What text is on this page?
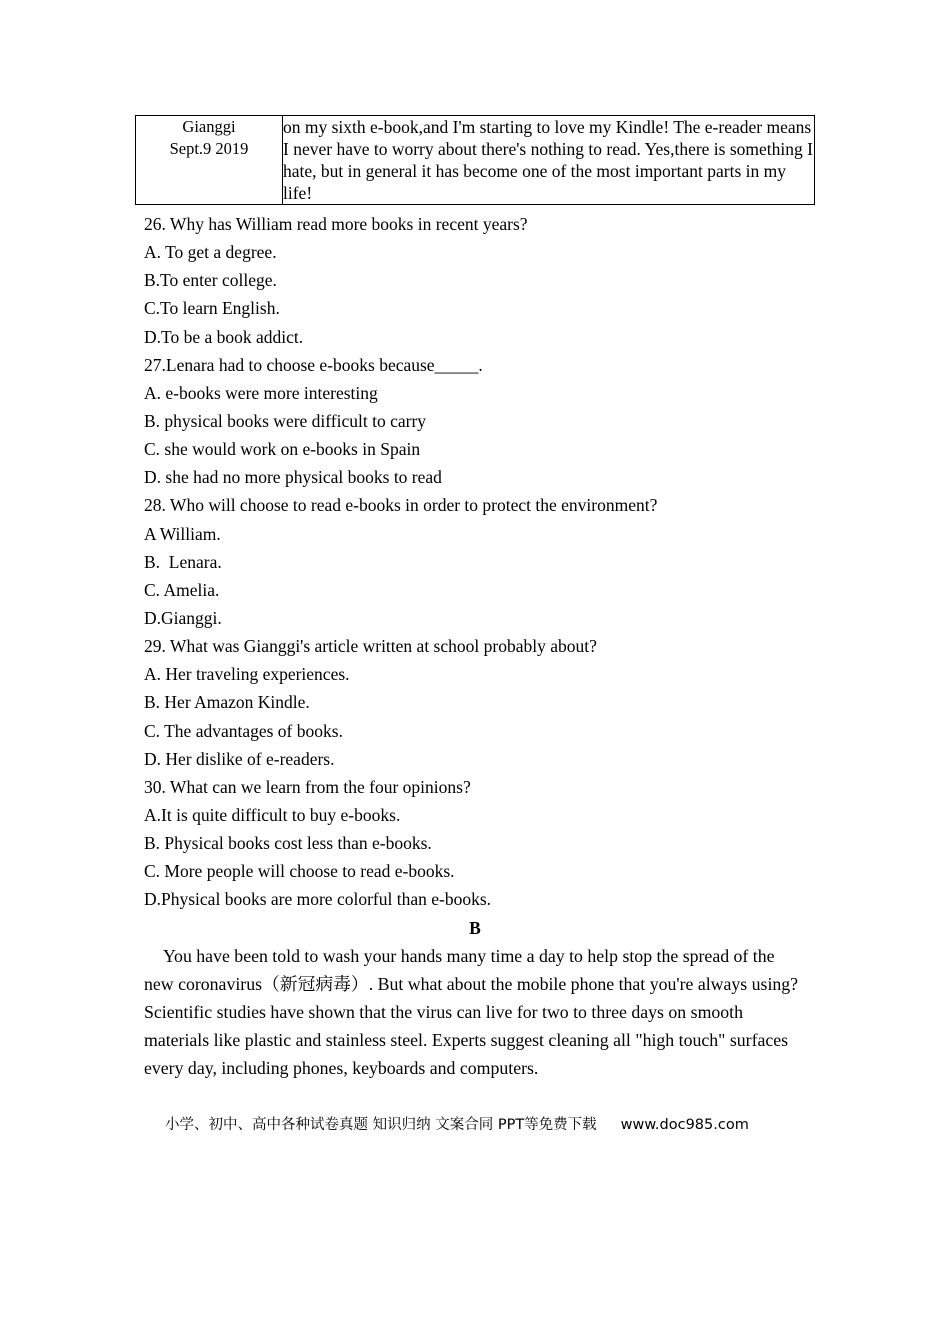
Gianggi
Sept.9 2019
	on my sixth e-book,and I'm starting to love my Kindle! The e-reader means I never have to worry about there's nothing to read. Yes,there is something I hate, but in general it has become one of the most important parts in my life!
26. Why has William read more books in recent years?
A. To get a degree.
B.To enter college.
C.To learn English.
D.To be a book addict.
27.Lenara had to choose e-books because_____.
A. e-books were more interesting
B. physical books were difficult to carry
C. she would work on e-books in Spain
D. she had no more physical books to read
28. Who will choose to read e-books in order to protect the environment?
A William.
B.  Lenara.
C. Amelia.
D.Gianggi.
29. What was Gianggi's article written at school probably about?
A. Her traveling experiences.
B. Her Amazon Kindle.
C. The advantages of books.
D. Her dislike of e-readers.
30. What can we learn from the four opinions?
A.It is quite difficult to buy e-books.
B. Physical books cost less than e-books.
C. More people will choose to read e-books.
D.Physical books are more colorful than e-books.
B

You have been told to wash your hands many time a day to help stop the spread of the new coronavirus（新冠病毒）. But what about the mobile phone that you're always using? Scientific studies have shown that the virus can live for two to three days on smooth materials like plastic and stainless steel. Experts suggest cleaning all "high touch" surfaces every day, including phones, keyboards and computers.

小学、初中、高中各种试卷真题 知识归纳 文案合同 PPT等免费下载 www.doc985.com
